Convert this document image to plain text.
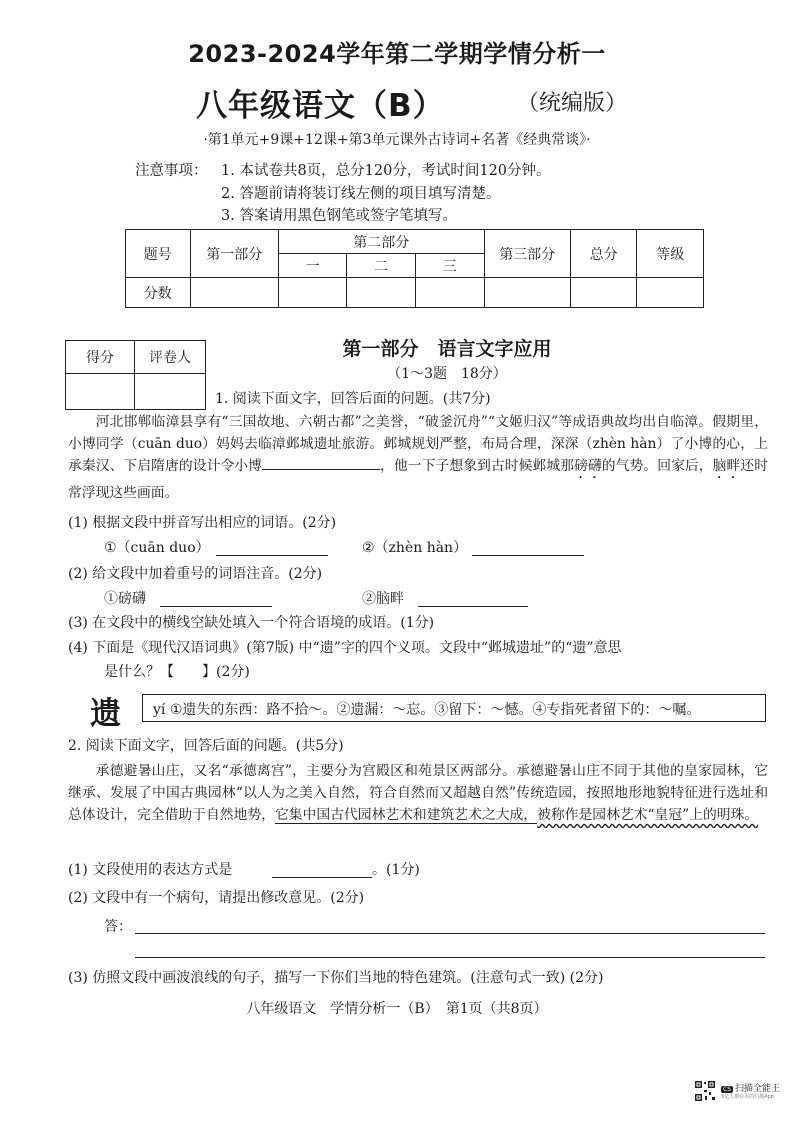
2023-2024学年第二学期学情分析一
八年级语文（B）	（统编版）
·第1单元+9课+12课+第3单元课外古诗词+名著《经典常谈》·
注意事项： 1. 本试卷共8页，总分120分，考试时间120分钟。
2. 答题前请将装订线左侧的项目填写清楚。
3. 答案请用黑色钢笔或签字笔填写。
题号	第一部分	第二部分			第三部分	总分	等级
		一	二	三			
分数							
得分	评卷人
		第一部分　语言文字应用
（1～3题　18分）
1. 阅读下面文字，回答后面的问题。(共7分)
河北邯郸临漳县享有“三国故地、六朝古都”之美誉，“破釜沉舟”“文姬归汉”等成语典故均出自临漳。假期里，小博同学（cuān duo）妈妈去临漳邺城遗址旅游。邺城规划严整，布局合理，深深（zhèn hàn）了小博的心，上承秦汉、下启隋唐的设计令小博	，他一下子想象到古时候邺城那磅礴的气势。回家后，脑畔还时常浮现这些画面。
(1) 根据文段中拼音写出相应的词语。(2分)
①（cuān duo）	②（zhèn hàn）
(2) 给文段中加着重号的词语注音。(2分)
①磅礴	②脑畔
(3) 在文段中的横线空缺处填入一个符合语境的成语。(1分)
(4) 下面是《现代汉语词典》(第7版) 中“遗”字的四个义项。文段中“邺城遗址”的“遗”意思
是什么？【　　】(2分)
遗 yí ①遗失的东西：路不拾～。②遗漏：～忘。③留下：～憾。④专指死者留下的：～嘱。
2. 阅读下面文字，回答后面的问题。(共5分)
承德避暑山庄，又名“承德离宫”，主要分为宫殿区和苑景区两部分。承德避暑山庄不同于其他的皇家园林，它继承、发展了中国古典园林“以人为之美入自然，符合自然而又超越自然”传统造园，按照地形地貌特征进行选址和总体设计，完全借助于自然地势，它集中国古代园林艺术和建筑艺术之大成，被称作是园林艺术“皇冠”上的明珠。
(1) 文段使用的表达方式是	。(1分)
(2) 文段中有一个病句，请提出修改意见。(2分)
答：
(3) 仿照文段中画波浪线的句子，描写一下你们当地的特色建筑。(注意句式一致) (2分)
八年级语文　学情分析一（B）　第1页（共8页）
CS 扫描全能王
3亿人都在用的扫描App
